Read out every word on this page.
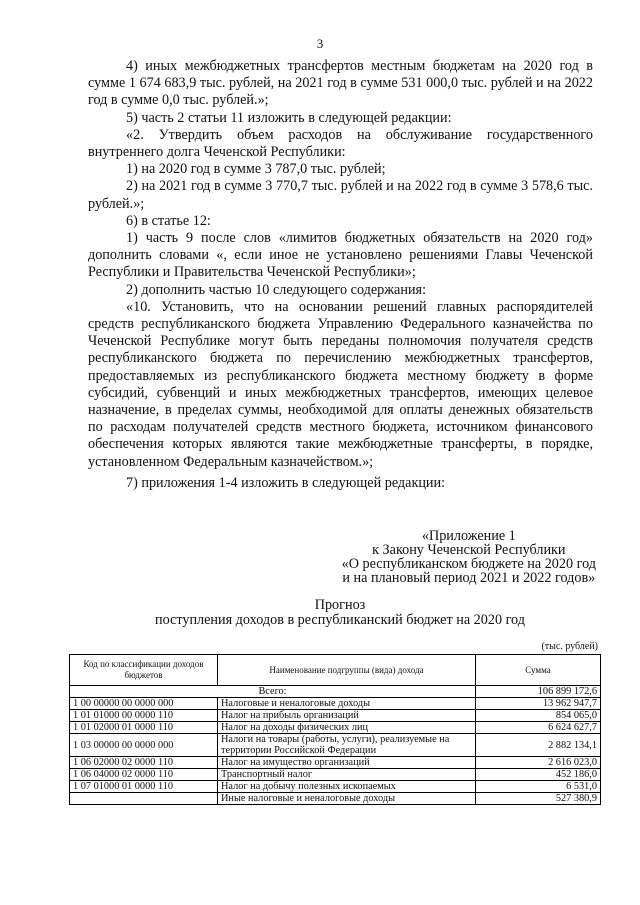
3

4) иных межбюджетных трансфертов местным бюджетам на 2020 год в сумме 1 674 683,9 тыс. рублей, на 2021 год в сумме 531 000,0 тыс. рублей и на 2022 год в сумме 0,0 тыс. рублей.»;

5) часть 2 статьи 11 изложить в следующей редакции:

«2. Утвердить объем расходов на обслуживание государственного внутреннего долга Чеченской Республики:

1) на 2020 год в сумме 3 787,0 тыс. рублей;

2) на 2021 год в сумме 3 770,7 тыс. рублей и на 2022 год в сумме 3 578,6 тыс. рублей.»;

6) в статье 12:

1) часть 9 после слов «лимитов бюджетных обязательств на 2020 год» дополнить словами «, если иное не установлено решениями Главы Чеченской Республики и Правительства Чеченской Республики»;

2) дополнить частью 10 следующего содержания:

«10. Установить, что на основании решений главных распорядителей средств республиканского бюджета Управлению Федерального казначейства по Чеченской Республике могут быть переданы полномочия получателя средств республиканского бюджета по перечислению межбюджетных трансфертов, предоставляемых из республиканского бюджета местному бюджету в форме субсидий, субвенций и иных межбюджетных трансфертов, имеющих целевое назначение, в пределах суммы, необходимой для оплаты денежных обязательств по расходам получателей средств местного бюджета, источником финансового обеспечения которых являются такие межбюджетные трансферты, в порядке, установленном Федеральным казначейством.»;

7) приложения 1-4 изложить в следующей редакции:

«Приложение 1
к Закону Чеченской Республики
«О республиканском бюджете на 2020 год
и на плановый период 2021 и 2022 годов»
Прогноз
поступления доходов в республиканский бюджет на 2020 год
(тыс. рублей)
Код по классификации доходов бюджетов	Наименование подгруппы (вида) дохода	Сумма
Всего:		106 899 172,6
1 00 00000 00 0000 000	Налоговые и неналоговые доходы	13 962 947,7
1 01 01000 00 0000 110	Налог на прибыль организаций	854 065,0
1 01 02000 01 0000 110	Налог на доходы физических лиц	6 624 627,7
1 03 00000 00 0000 000	Налоги на товары (работы, услуги), реализуемые на территории Российской Федерации	2 882 134,1
1 06 02000 02 0000 110	Налог на имущество организаций	2 616 023,0
1 06 04000 02 0000 110	Транспортный налог	452 186,0
1 07 01000 01 0000 110	Налог на добычу полезных ископаемых	6 531,0
	Иные налоговые и неналоговые доходы	527 380,9
